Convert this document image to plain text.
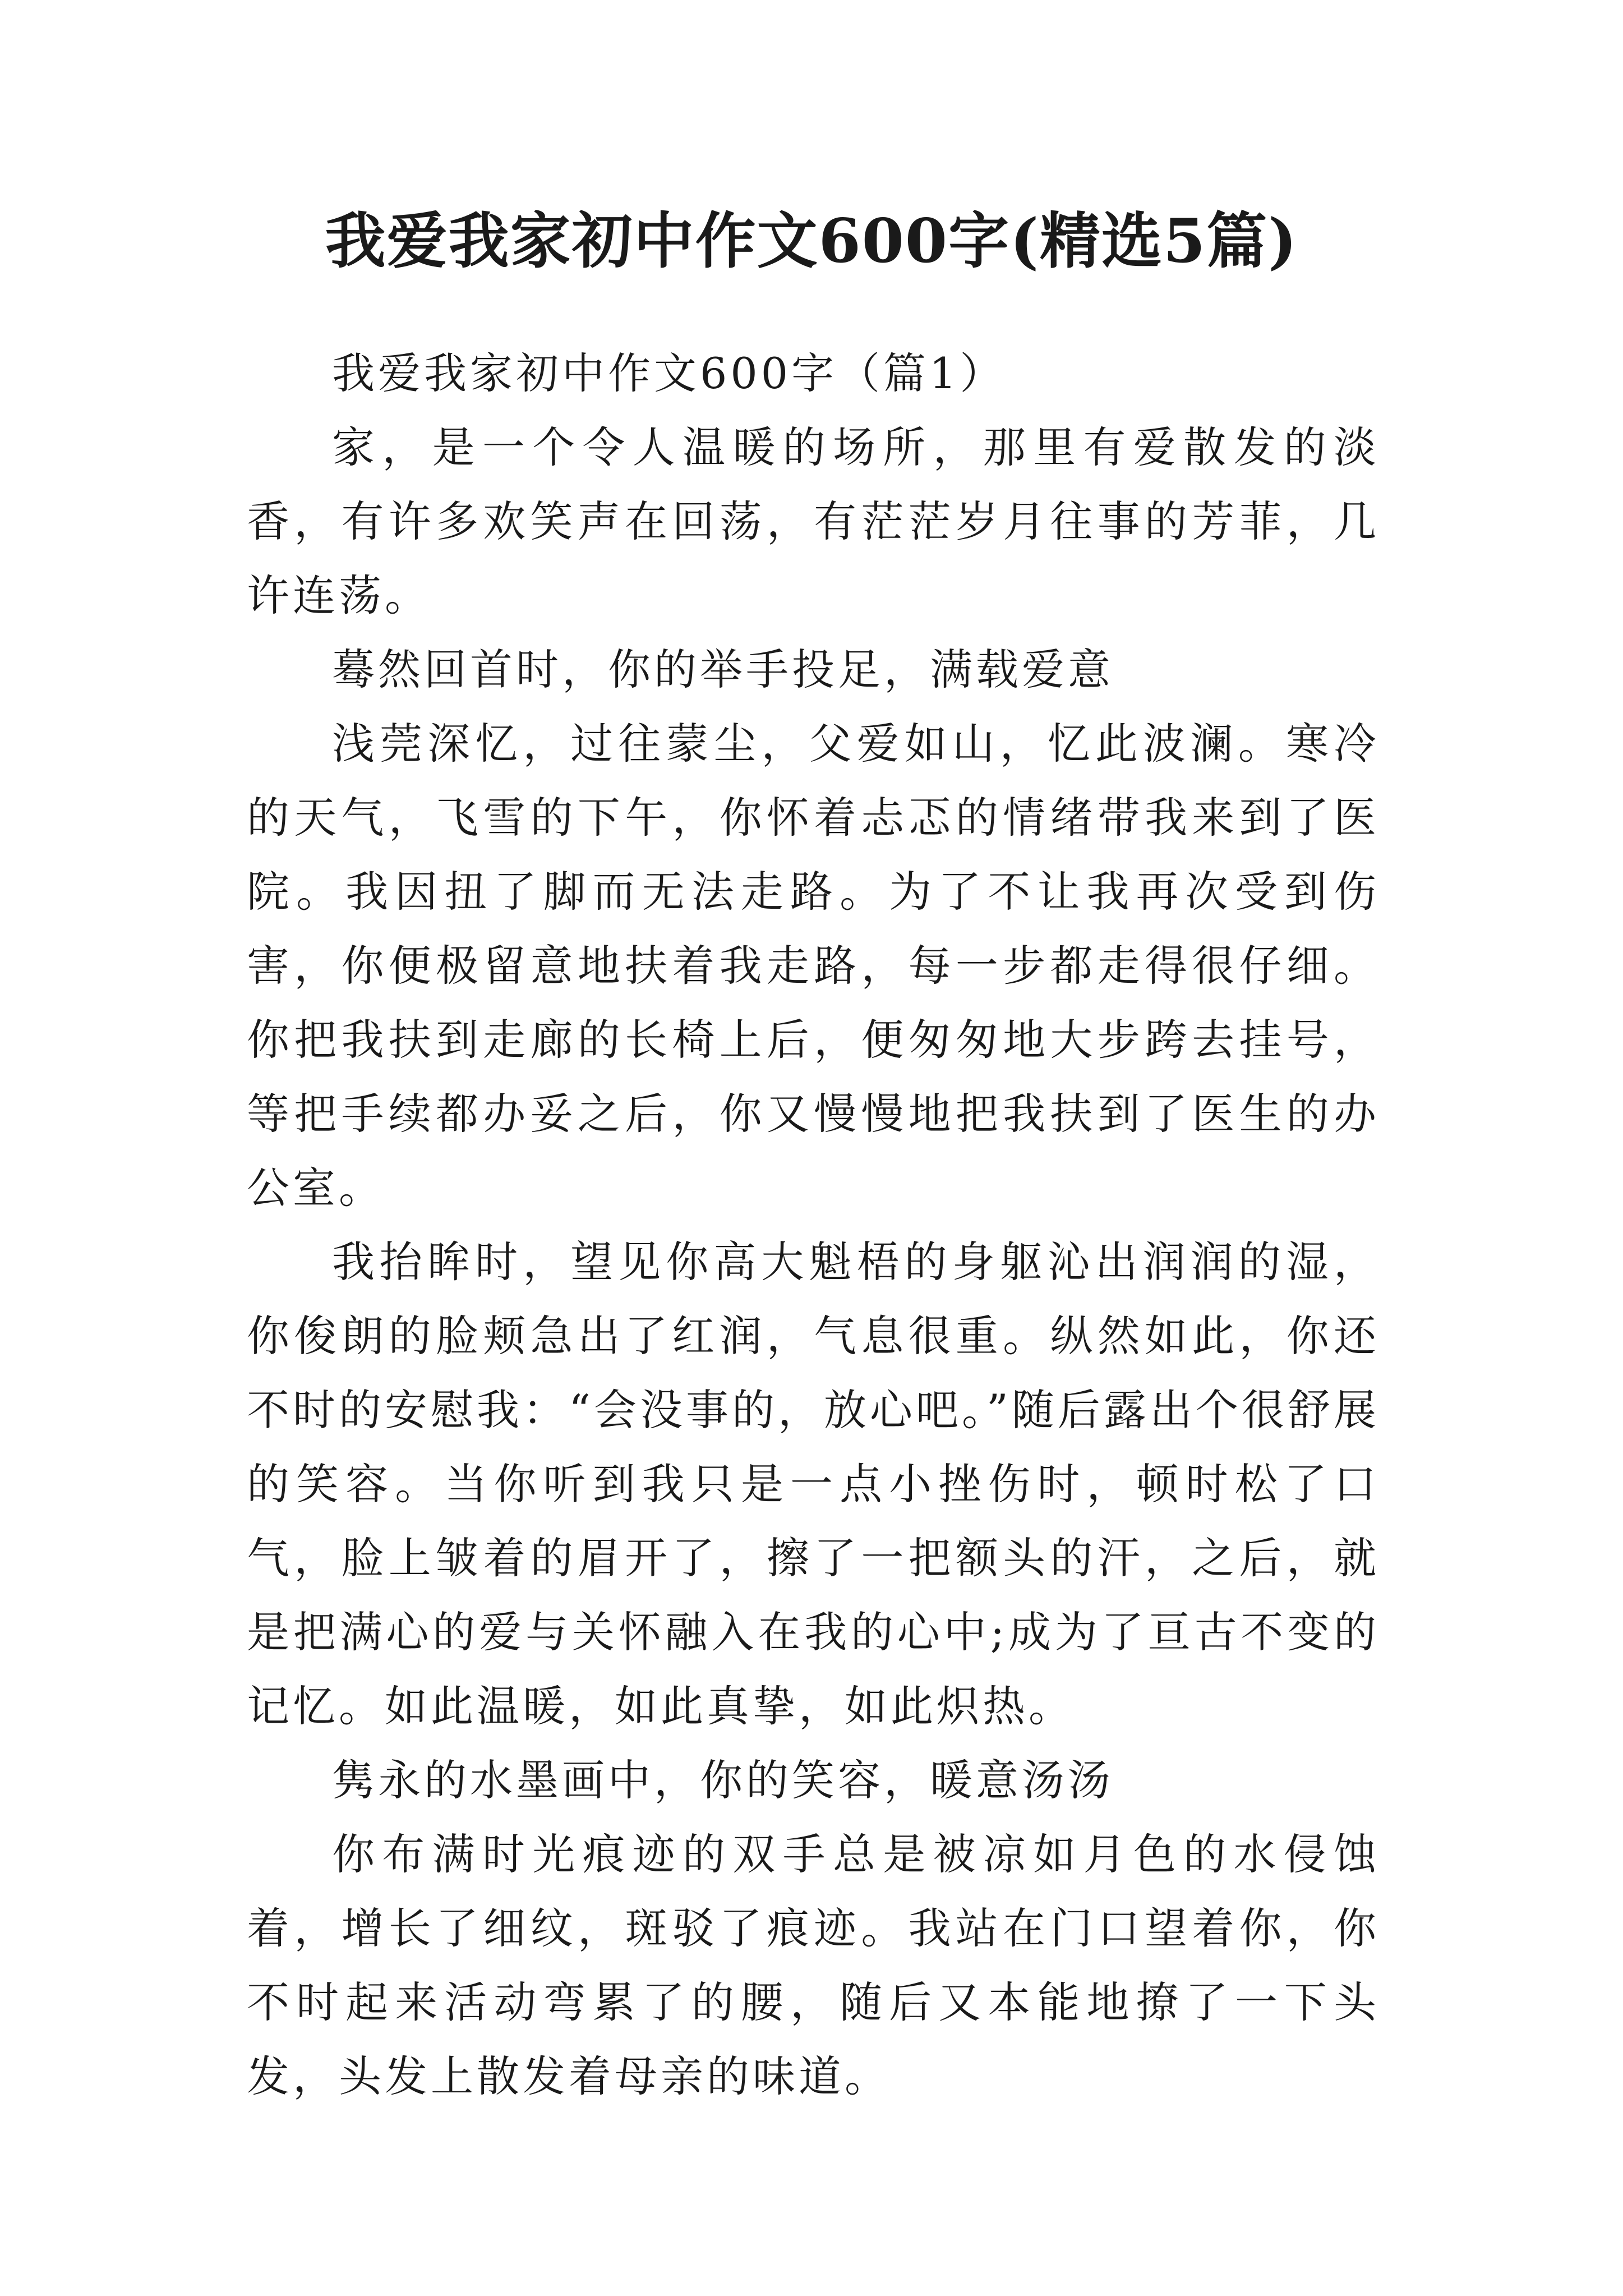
我爱我家初中作文600字(精选5篇)

我爱我家初中作文600字（篇1）

家，是一个令人温暖的场所，那里有爱散发的淡香，有许多欢笑声在回荡，有茫茫岁月往事的芳菲，几许连荡。

蓦然回首时，你的举手投足，满载爱意

浅莞深忆，过往蒙尘，父爱如山，忆此波澜。寒冷的天气，飞雪的下午，你怀着忐忑的情绪带我来到了医院。我因扭了脚而无法走路。为了不让我再次受到伤害，你便极留意地扶着我走路，每一步都走得很仔细。你把我扶到走廊的长椅上后，便匆匆地大步跨去挂号，等把手续都办妥之后，你又慢慢地把我扶到了医生的办公室。

我抬眸时，望见你高大魁梧的身躯沁出润润的湿，你俊朗的脸颊急出了红润，气息很重。纵然如此，你还不时的安慰我：“会没事的，放心吧。”随后露出个很舒展的笑容。当你听到我只是一点小挫伤时，顿时松了口气，脸上皱着的眉开了，擦了一把额头的汗，之后，就是把满心的爱与关怀融入在我的心中;成为了亘古不变的记忆。如此温暖，如此真挚，如此炽热。

隽永的水墨画中，你的笑容，暖意汤汤

你布满时光痕迹的双手总是被凉如月色的水侵蚀着，增长了细纹，斑驳了痕迹。我站在门口望着你，你不时起来活动弯累了的腰，随后又本能地撩了一下头发，头发上散发着母亲的味道。
